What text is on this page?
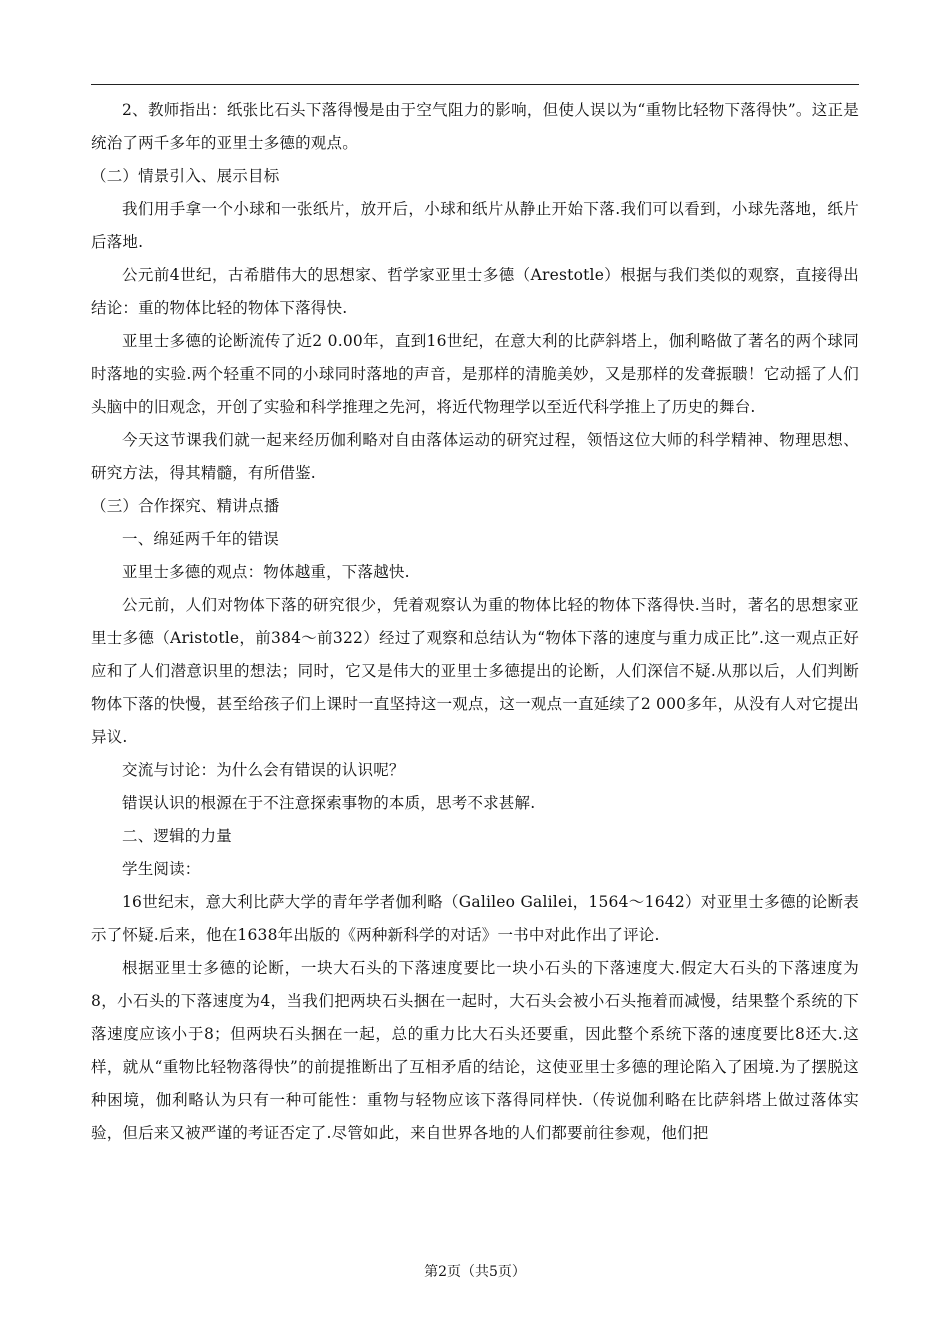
2、教师指出：纸张比石头下落得慢是由于空气阻力的影响，但使人误以为“重物比轻物下落得快”。这正是统治了两千多年的亚里士多德的观点。

（二）情景引入、展示目标

我们用手拿一个小球和一张纸片，放开后，小球和纸片从静止开始下落.我们可以看到，小球先落地，纸片后落地.

公元前4世纪，古希腊伟大的思想家、哲学家亚里士多德（Arestotle）根据与我们类似的观察，直接得出结论：重的物体比轻的物体下落得快.

亚里士多德的论断流传了近2 0.00年，直到16世纪，在意大利的比萨斜塔上，伽利略做了著名的两个球同时落地的实验.两个轻重不同的小球同时落地的声音，是那样的清脆美妙，又是那样的发聋振聩！它动摇了人们头脑中的旧观念，开创了实验和科学推理之先河，将近代物理学以至近代科学推上了历史的舞台.

今天这节课我们就一起来经历伽利略对自由落体运动的研究过程，领悟这位大师的科学精神、物理思想、研究方法，得其精髓，有所借鉴.

（三）合作探究、精讲点播

一、绵延两千年的错误

亚里士多德的观点：物体越重，下落越快.

公元前，人们对物体下落的研究很少，凭着观察认为重的物体比轻的物体下落得快.当时，著名的思想家亚里士多德（Aristotle，前384～前322）经过了观察和总结认为“物体下落的速度与重力成正比”.这一观点正好应和了人们潜意识里的想法；同时，它又是伟大的亚里士多德提出的论断，人们深信不疑.从那以后，人们判断物体下落的快慢，甚至给孩子们上课时一直坚持这一观点，这一观点一直延续了2 000多年，从没有人对它提出异议.

交流与讨论：为什么会有错误的认识呢？

错误认识的根源在于不注意探索事物的本质，思考不求甚解.

二、逻辑的力量

学生阅读：

16世纪末，意大利比萨大学的青年学者伽利略（Galileo Galilei，1564～1642）对亚里士多德的论断表示了怀疑.后来，他在1638年出版的《两种新科学的对话》一书中对此作出了评论.

根据亚里士多德的论断，一块大石头的下落速度要比一块小石头的下落速度大.假定大石头的下落速度为8，小石头的下落速度为4，当我们把两块石头捆在一起时，大石头会被小石头拖着而减慢，结果整个系统的下落速度应该小于8；但两块石头捆在一起，总的重力比大石头还要重，因此整个系统下落的速度要比8还大.这样，就从“重物比轻物落得快”的前提推断出了互相矛盾的结论，这使亚里士多德的理论陷入了困境.为了摆脱这种困境，伽利略认为只有一种可能性：重物与轻物应该下落得同样快.（传说伽利略在比萨斜塔上做过落体实验，但后来又被严谨的考证否定了.尽管如此，来自世界各地的人们都要前往参观，他们把

第2页（共5页）
